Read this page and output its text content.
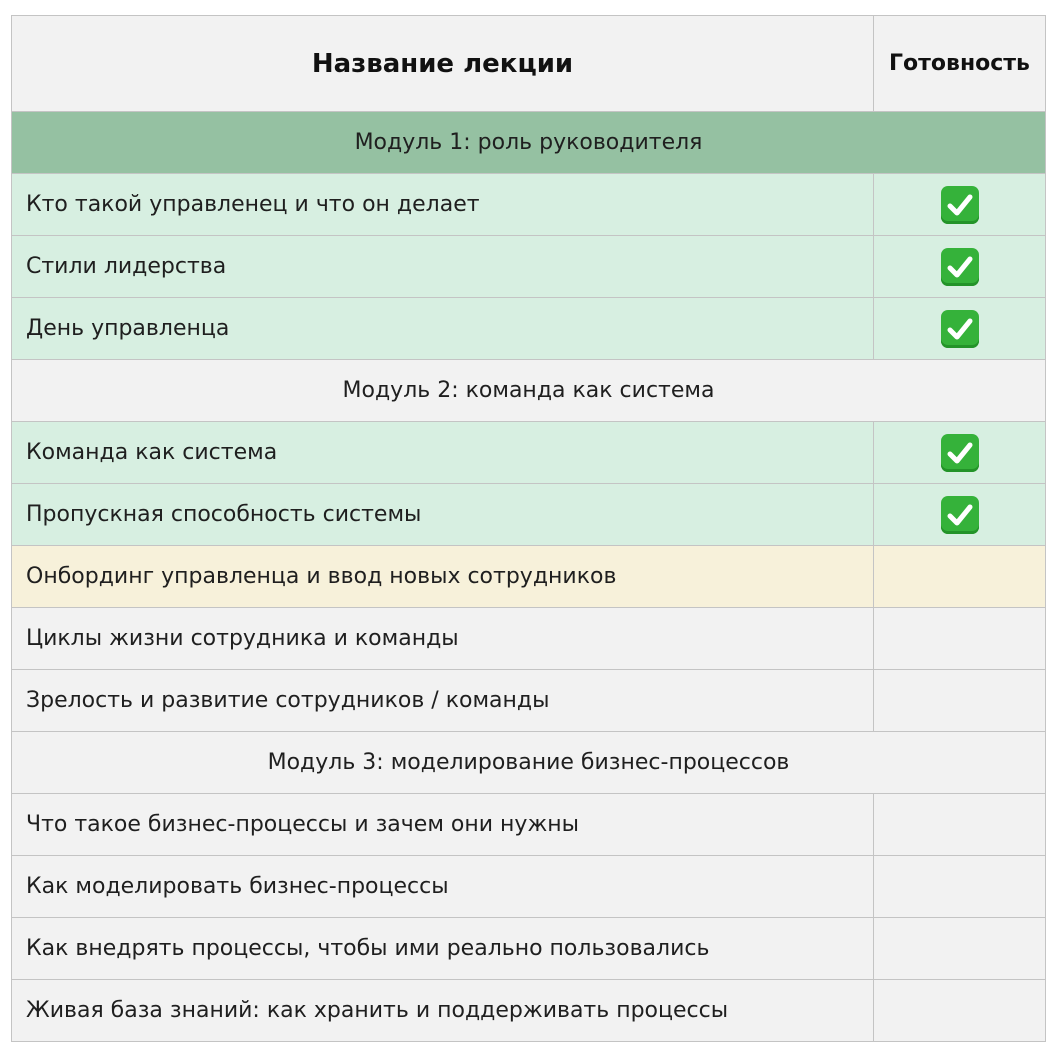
Название лекции	Готовность
Модуль 1: роль руководителя	
Кто такой управленец и что он делает	

Стили лидерства	

День управленца	

Модуль 2: команда как система	
Команда как система	

Пропускная способность системы	

Онбординг управленца и ввод новых сотрудников	
Циклы жизни сотрудника и команды	
Зрелость и развитие сотрудников / команды	
Модуль 3: моделирование бизнес-процессов	
Что такое бизнес-процессы и зачем они нужны	
Как моделировать бизнес-процессы	
Как внедрять процессы, чтобы ими реально пользовались	
Живая база знаний: как хранить и поддерживать процессы	
